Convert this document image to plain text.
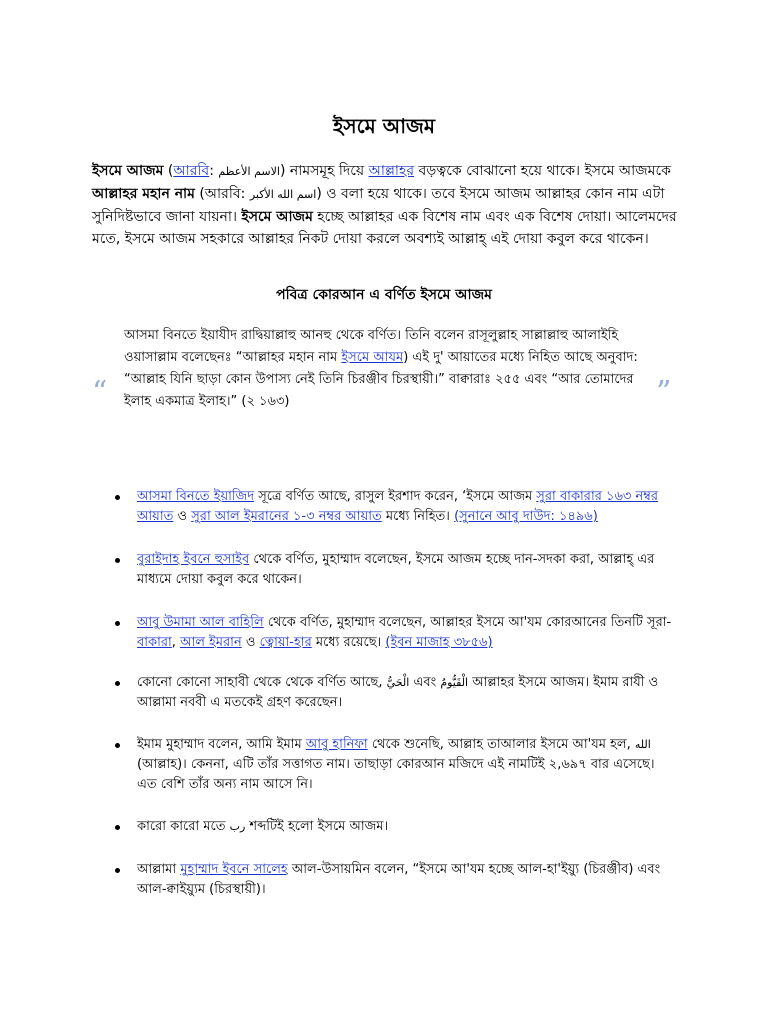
ইসমে আজম
ইসমে আজম (আরবি: الاسم الأعظم) নামসমূহ দিয়ে আল্লাহর বড়ত্বকে বোঝানো হয়ে থাকে। ইসমে আজমকে আল্লাহর মহান নাম (আরবি: اسم الله الأكبر) ও বলা হয়ে থাকে। তবে ইসমে আজম আল্লাহর কোন নাম এটা সুনিদিষ্টভাবে জানা যায়না। ইসমে আজম হচ্ছে আল্লাহর এক বিশেষ নাম এবং এক বিশেষ দোয়া। আলেমদের মতে, ইসমে আজম সহকারে আল্লাহর নিকট দোয়া করলে অবশ্যই আল্লাহ্ এই দোয়া কবুল করে থাকেন।
পবিত্র কোরআন এ বর্ণিত ইসমে আজম
“	”
আসমা বিনতে ইয়াযীদ রাদ্বিয়াল্লাহু আনহু থেকে বর্ণিত। তিনি বলেন রাসূলুল্লাহ সাল্লাল্লাহু আলাইহি ওয়াসাল্লাম বলেছেনঃ “আল্লাহর মহান নাম ইসমে আযম) এই দু' আয়াতের মধ্যে নিহিত আছে অনুবাদ: “আল্লাহ যিনি ছাড়া কোন উপাস্য নেই তিনি চিরঞ্জীব চিরস্থায়ী।” বাক্বারাঃ ২৫৫ এবং “আর তোমাদের ইলাহ একমাত্র ইলাহ।” (২ ১৬৩)
আসমা বিনতে ইয়াজিদ সূত্রে বর্ণিত আছে, রাসুল ইরশাদ করেন, ‘ইসমে আজম সুরা বাকারার ১৬৩ নম্বর আয়াত ও সুরা আল ইমরানের ১-৩ নম্বর আয়াত মধ্যে নিহিত। (সুনানে আবু দাউদ: ১৪৯৬)
বুরাইদাহ ইবনে হুসাইব থেকে বর্ণিত, মুহাম্মাদ বলেছেন, ইসমে আজম হচ্ছে দান-সদকা করা, আল্লাহ্ এর মাধ্যমে দোয়া কবুল করে থাকেন।
আবু উমামা আল বাহিলি থেকে বর্ণিত, মুহাম্মাদ বলেছেন, আল্লাহর ইসমে আ'যম কোরআনের তিনটি সূরা- বাকারা, আল ইমরান ও ত্বোয়া-হার মধ্যে রয়েছে। (ইবন মাজাহ ৩৮৫৬)
কোনো কোনো সাহাবী থেকে থেকে বর্ণিত আছে, الْحَيُّ এবং الْقَيُّومُ আল্লাহর ইসমে আজম। ইমাম রাযী ও আল্লামা নববী এ মতকেই গ্রহণ করেছেন।
ইমাম মুহাম্মাদ বলেন, আমি ইমাম আবু হানিফা থেকে শুনেছি, আল্লাহ তাআলার ইসমে আ'যম হল, الله (আল্লাহ)। কেননা, এটি তাঁর সত্তাগত নাম। তাছাড়া কোরআন মজিদে এই নামটিই ২,৬৯৭ বার এসেছে। এত বেশি তাঁর অন্য নাম আসে নি।
কারো কারো মতে رب শব্দটিই হলো ইসমে আজম।
আল্লামা মুহাম্মাদ ইবনে সালেহ আল-উসায়মিন বলেন, “ইসমে আ'যম হচ্ছে আল-হা'ইয়্যু (চিরঞ্জীব) এবং আল-ক্বাইয়্যুম (চিরস্থায়ী)।
